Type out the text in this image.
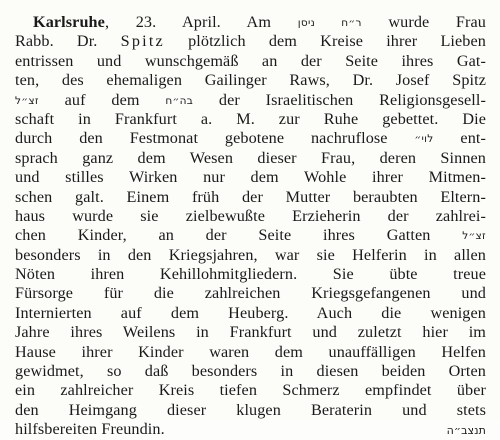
Karlsruhe, 23. April. Am	ר״ח ניסן wurde Frau
Rabb. Dr. Spitz plötzlich dem Kreise ihrer Lieben
entrissen und wunschgemäß an der Seite ihres Gat-
ten, des ehemaligen Gailinger Raws, Dr. Josef Spitz
זצ״ל auf dem בה״ח der Israelitischen Religionsgesell-
schaft in Frankfurt a. M. zur Ruhe gebettet. Die
durch den Festmonat gebotene nachruflose	לוי״ ent-
sprach ganz dem Wesen dieser Frau, deren Sinnen
und stilles Wirken nur dem Wohle ihrer Mitmen-
schen galt. Einem früh der Mutter beraubten Eltern-
haus wurde sie zielbewußte Erzieherin der zahlrei-
chen Kinder, an der Seite ihres Gatten	זצ״ל
besonders in den Kriegsjahren, war sie Helferin in allen
Nöten ihren Kehillohmitgliedern. Sie übte treue
Fürsorge für die zahlreichen Kriegsgefangenen und
Internierten auf dem Heuberg. Auch die wenigen
Jahre ihres Weilens in Frankfurt und zuletzt hier im
Hause ihrer Kinder waren dem unauffälligen Helfen
gewidmet, so daß besonders in diesen beiden Orten
ein zahlreicher Kreis tiefen Schmerz empfindet über
den Heimgang dieser klugen Beraterin und stets
hilfsbereiten Freundin.	תנצב״ה
